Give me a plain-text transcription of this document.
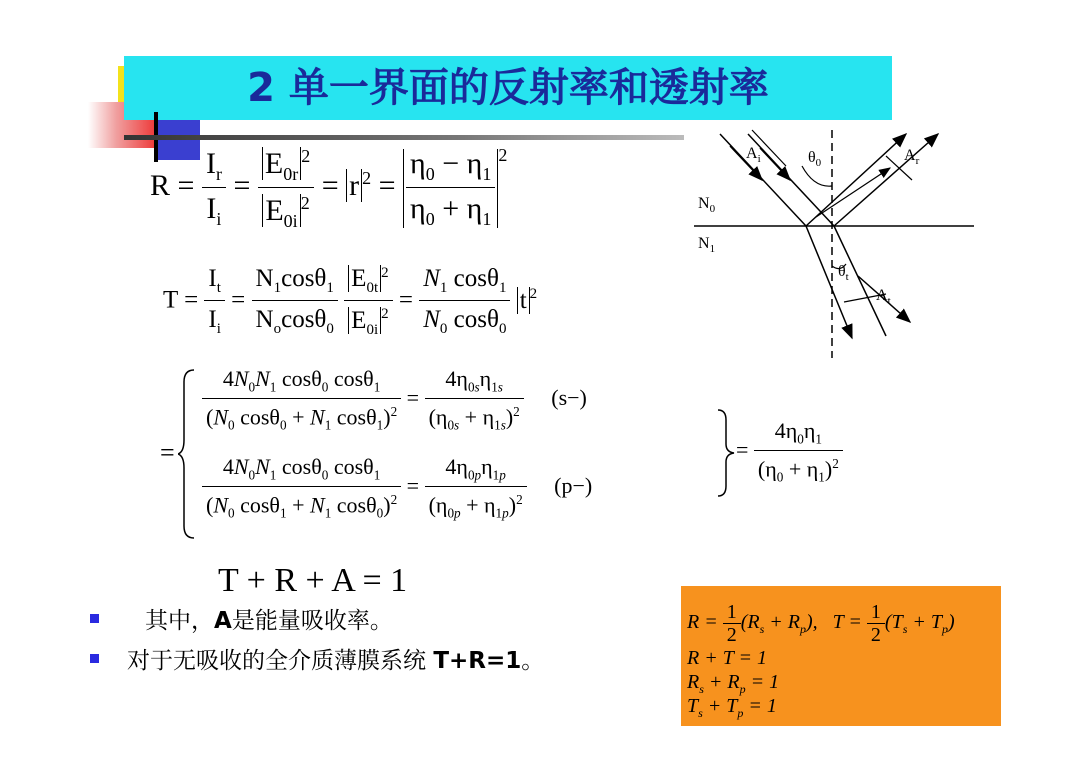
2 单一界面的反射率和透射率
$R = \frac{I_r}{I_i} = \frac{E_{0r}^2}{E_{0i}^2} = r$ $^2 = \frac{\eta_0 - \eta_1}{\eta_0 + \eta_1} ^2$
$T = \frac{I_t}{I_i} = \frac{N_1\cos\theta_1}{N_o\cos\theta_0}$
$\frac{E_{0t}^2}{E_{0i}^2} = \frac{N_1 \cos\theta_1}{N_0 \cos\theta_0}$ t $^2$
=
$\frac{4N_0N_1 \cos\theta_0 \cos\theta_1}{(N_0 \cos\theta_0 + N_1 \cos\theta_1)^2} = \frac{4\eta_{0s}\eta_{1s}}{(\eta_{0s} + \eta_{1s})^2} (s-)$
$\frac{4N_0N_1 \cos\theta_0 \cos\theta_1}{(N_0 \cos\theta_1 + N_1 \cos\theta_0)^2} = \frac{4\eta_{0p}\eta_{1p}}{(\eta_{0p} + \eta_{1p})^2} (p-)$
= $\frac{4\eta_0\eta_1}{(\eta_0 + \eta_1)^2}$
T + R + A = 1
$A_i$	$\theta_0$	$A_r$
$N_0$
$N_1$
$\theta_t$
$A_t$
其中，A是能量吸收率。
对于无吸收的全介质薄膜系统 T+R=1。
$R = \frac{1}{2} (R_s + R_p)$,   $T = \frac{1}{2} (T_s + T_p)$
R + T = 1
$R_s + R_p = 1$
$T_s + T_p = 1$
